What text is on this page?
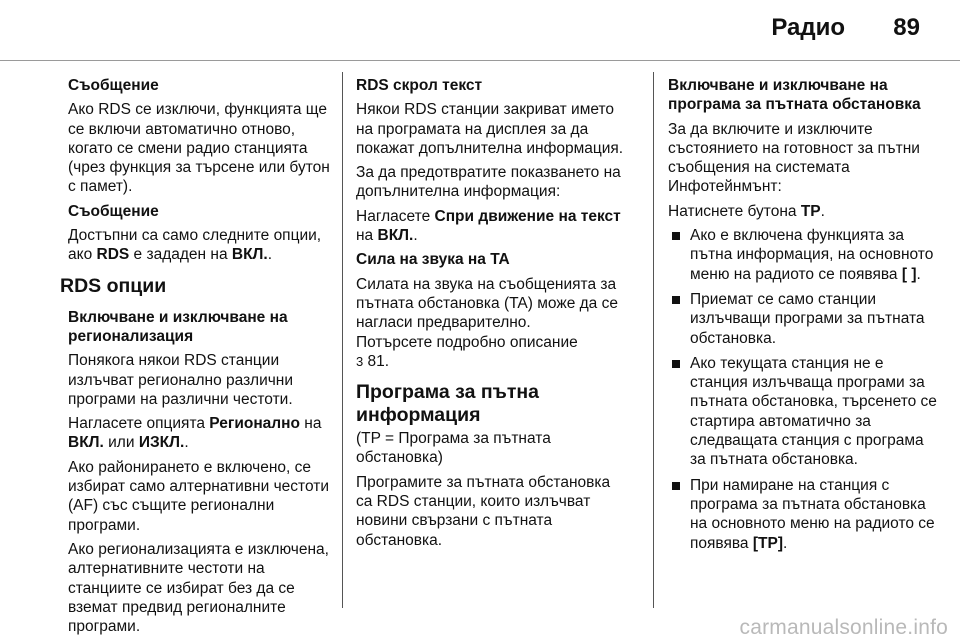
Радио 89

Съобщение

Ако RDS се изключи, функцията ще се включи автоматично отново, когато се смени радио станцията (чрез функция за търсене или бутон с памет).

Съобщение

Достъпни са само следните опции, ако RDS е зададен на ВКЛ..

RDS опции

Включване и изключване на регионализация

Понякога някои RDS станции излъчват регионално различни програми на различни честоти.

Нагласете опцията Регионално на ВКЛ. или ИЗКЛ..

Ако районирането е включено, се избират само алтернативни честоти (AF) със същите регионални програми.

Ако регионализацията е изключена, алтернативните честоти на станциите се избират без да се вземат предвид регионалните програми.

RDS скрол текст

Някои RDS станции закриват името на програмата на дисплея за да покажат допълнителна информация.

За да предотвратите показването на допълнителна информация:

Нагласете Спри движение на текст на ВКЛ..

Сила на звука на TA

Силата на звука на съобщенията за пътната обстановка (TA) може да се нагласи предварително.

Потърсете подробно описание

3 81.

Програма за пътна информация

(TP = Програма за пътната обстановка)

Програмите за пътната обстановка са RDS станции, които излъчват новини свързани с пътната обстановка.

Включване и изключване на програма за пътната обстановка

За да включите и изключите състоянието на готовност за пътни съобщения на системата Инфотейнмънт:

Натиснете бутона TP.

Ако е включена функцията за пътна информация, на основното меню на радиото се появява [ ].
Приемат се само станции излъчващи програми за пътната обстановка.
Ако текущата станция не е станция излъчваща програми за пътната обстановка, търсенето се стартира автоматично за следващата станция с програма за пътната обстановка.
При намиране на станция с програма за пътната обстановка на основното меню на радиото се появява [TP].
carmanualsonline.info
